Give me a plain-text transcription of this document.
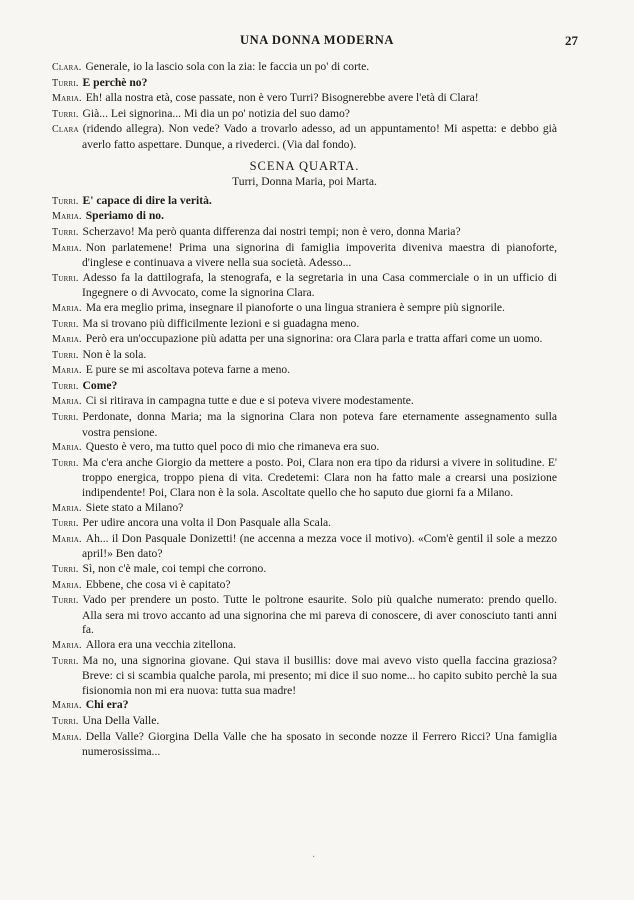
UNA DONNA MODERNA	27

Clara. Generale, io la lascio sola con la zia: le faccia un po' di corte.

Turri. E perchè no?

Maria. Eh! alla nostra età, cose passate, non è vero Turri? Bisognerebbe avere l'età di Clara!

Turri. Già... Lei signorina... Mi dia un po' notizia del suo damo?

Clara (ridendo allegra). Non vede? Vado a trovarlo adesso, ad un appuntamento! Mi aspetta: e debbo già averlo fatto aspettare. Dunque, a rivederci. (Via dal fondo).

SCENA QUARTA.
Turri, Donna Maria, poi Marta.

Turri. E' capace di dire la verità.

Maria. Speriamo di no.

Turri. Scherzavo! Ma però quanta differenza dai nostri tempi; non è vero, donna Maria?

Maria. Non parlatemene! Prima una signorina di famiglia impoverita diveniva maestra di pianoforte, d'inglese e continuava a vivere nella sua società. Adesso...

Turri. Adesso fa la dattilografa, la stenografa, e la segretaria in una Casa commerciale o in un ufficio di Ingegnere o di Avvocato, come la signorina Clara.

Maria. Ma era meglio prima, insegnare il pianoforte o una lingua straniera è sempre più signorile.

Turri. Ma si trovano più difficilmente lezioni e si guadagna meno.

Maria. Però era un'occupazione più adatta per una signorina: ora Clara parla e tratta affari come un uomo.

Turri. Non è la sola.

Maria. E pure se mi ascoltava poteva farne a meno.

Turri. Come?

Maria. Ci si ritirava in campagna tutte e due e si poteva vivere modestamente.

Turri. Perdonate, donna Maria; ma la signorina Clara non poteva fare eternamente assegnamento sulla vostra pensione.

Maria. Questo è vero, ma tutto quel poco di mio che rimaneva era suo.

Turri. Ma c'era anche Giorgio da mettere a posto. Poi, Clara non era tipo da ridursi a vivere in solitudine. E' troppo energica, troppo piena di vita. Credetemi: Clara non ha fatto male a crearsi una posizione indipendente! Poi, Clara non è la sola. Ascoltate quello che ho saputo due giorni fa a Milano.

Maria. Siete stato a Milano?

Turri. Per udire ancora una volta il Don Pasquale alla Scala.

Maria. Ah... il Don Pasquale Donizetti! (ne accenna a mezza voce il motivo). «Com'è gentil il sole a mezzo april!» Ben dato?

Turri. Sì, non c'è male, coi tempi che corrono.

Maria. Ebbene, che cosa vi è capitato?

Turri. Vado per prendere un posto. Tutte le poltrone esaurite. Solo più qualche numerato: prendo quello. Alla sera mi trovo accanto ad una signorina che mi pareva di conoscere, di aver conosciuto tanti anni fa.

Maria. Allora era una vecchia zitellona.

Turri. Ma no, una signorina giovane. Qui stava il busillis: dove mai avevo visto quella faccina graziosa? Breve: ci si scambia qualche parola, mi presento; mi dice il suo nome... ho capito subito perchè la sua fisionomia non mi era nuova: tutta sua madre!

Maria. Chi era?

Turri. Una Della Valle.

Maria. Della Valle? Giorgina Della Valle che ha sposato in seconde nozze il Ferrero Ricci? Una famiglia numerosissima...

·
